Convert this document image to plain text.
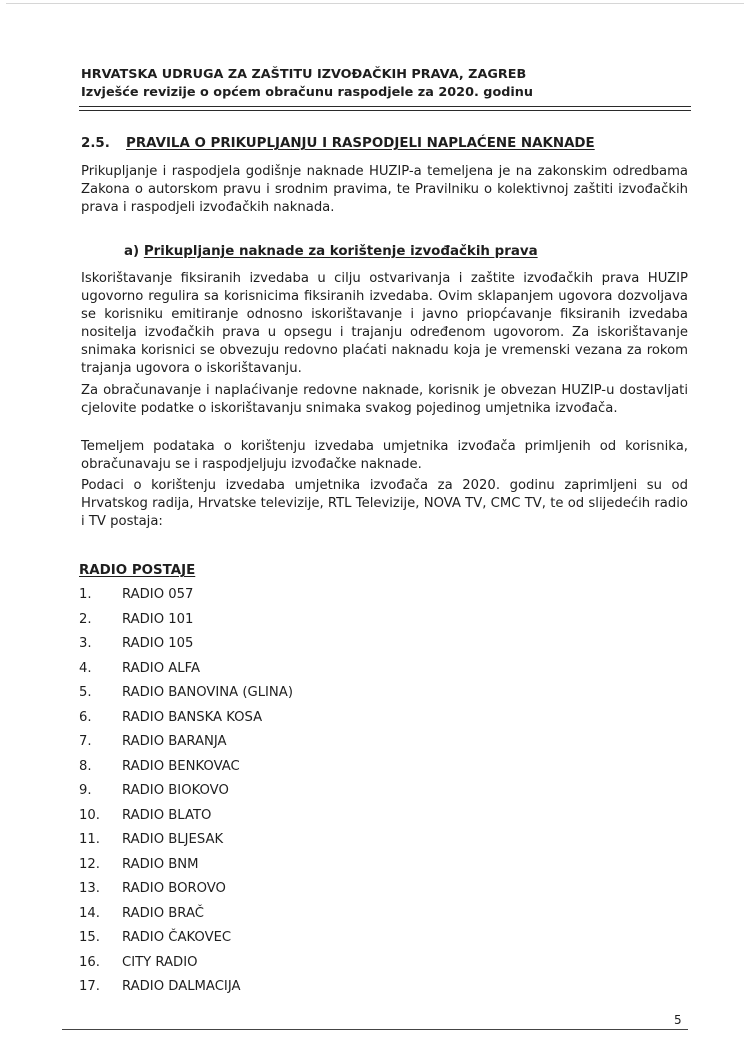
HRVATSKA UDRUGA ZA ZAŠTITU IZVOĐAČKIH PRAVA, ZAGREB
Izvješće revizije o općem obračunu raspodjele za 2020. godinu
2.5. PRAVILA O PRIKUPLJANJU I RASPODJELI NAPLAĆENE NAKNADE

Prikupljanje i raspodjela godišnje naknade HUZIP-a temeljena je na zakonskim odredbama Zakona o autorskom pravu i srodnim pravima, te Pravilniku o kolektivnoj zaštiti izvođačkih prava i raspodjeli izvođačkih naknada.

a) Prikupljanje naknade za korištenje izvođačkih prava

Iskorištavanje fiksiranih izvedaba u cilju ostvarivanja i zaštite izvođačkih prava HUZIP ugovorno regulira sa korisnicima fiksiranih izvedaba. Ovim sklapanjem ugovora dozvoljava se korisniku emitiranje odnosno iskorištavanje i javno priopćavanje fiksiranih izvedaba nositelja izvođačkih prava u opsegu i trajanju određenom ugovorom. Za iskorištavanje snimaka korisnici se obvezuju redovno plaćati naknadu koja je vremenski vezana za rokom trajanja ugovora o iskorištavanju.

Za obračunavanje i naplaćivanje redovne naknade, korisnik je obvezan HUZIP-u dostavljati cjelovite podatke o iskorištavanju snimaka svakog pojedinog umjetnika izvođača.

Temeljem podataka o korištenju izvedaba umjetnika izvođača primljenih od korisnika, obračunavaju se i raspodjeljuju izvođačke naknade.

Podaci o korištenju izvedaba umjetnika izvođača za 2020. godinu zaprimljeni su od Hrvatskog radija, Hrvatske televizije, RTL Televizije, NOVA TV, CMC TV, te od slijedećih radio i TV postaja:

RADIO POSTAJE
1. RADIO 057
2. RADIO 101
3. RADIO 105
4. RADIO ALFA
5. RADIO BANOVINA (GLINA)
6. RADIO BANSKA KOSA
7. RADIO BARANJA
8. RADIO BENKOVAC
9. RADIO BIOKOVO
10. RADIO BLATO
11. RADIO BLJESAK
12. RADIO BNM
13. RADIO BOROVO
14. RADIO BRAČ
15. RADIO ČAKOVEC
16. CITY RADIO
17. RADIO DALMACIJA
5
